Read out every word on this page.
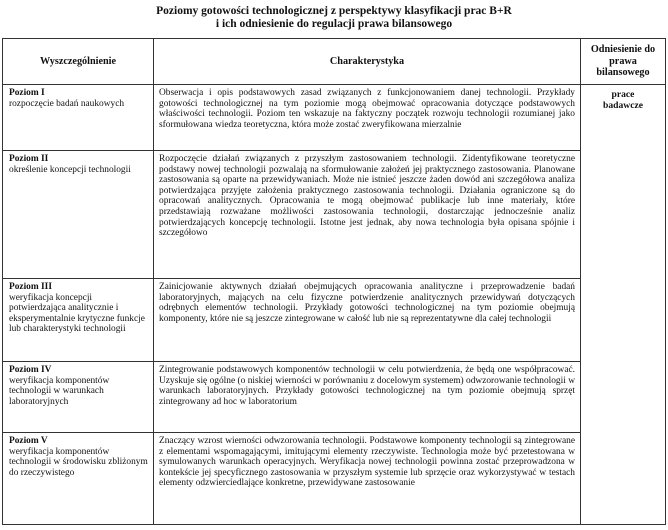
Poziomy gotowości technologicznej z perspektywy klasyfikacji prac B+R
i ich odniesienie do regulacji prawa bilansowego
Wyszczególnienie	Charakterystyka	Odniesienie do prawa bilansowego

Poziom I
rozpoczęcie badań naukowych	Obserwacja i opis podstawowych zasad związanych z funkcjonowaniem danej technologii. Przykłady gotowości technologicznej na tym poziomie mogą obejmować opracowania dotyczące podstawowych właściwości technologii. Poziom ten wskazuje na faktyczny początek rozwoju technologii rozumianej jako sformułowana wiedza teoretyczna, która może zostać zweryfikowana mierzalnie	prace badawcze

Poziom II
określenie koncepcji technologii	Rozpoczęcie działań związanych z przyszłym zastosowaniem technologii. Zidentyfikowane teoretyczne podstawy nowej technologii pozwalają na sformułowanie założeń jej praktycznego zastosowania. Planowane zastosowania są oparte na przewidywaniach. Może nie istnieć jeszcze żaden dowód ani szczegółowa analiza potwierdzająca przyjęte założenia praktycznego zastosowania technologii. Działania ograniczone są do opracowań analitycznych. Opracowania te mogą obejmować publikacje lub inne materiały, które przedstawiają rozważane możliwości zastosowania technologii, dostarczając jednocześnie analiz potwierdzających koncepcję technologii. Istotne jest jednak, aby nowa technologia była opisana spójnie i szczegółowo	

Poziom III
weryfikacja koncepcji potwierdzająca analitycznie i eksperymentalnie krytyczne funkcje lub charakterystyki technologii	Zainicjowanie aktywnych działań obejmujących opracowania analityczne i przeprowadzenie badań laboratoryjnych, mających na celu fizyczne potwierdzenie analitycznych przewidywań dotyczących odrębnych elementów technologii. Przykłady gotowości technologicznej na tym poziomie obejmują komponenty, które nie są jeszcze zintegrowane w całość lub nie są reprezentatywne dla całej technologii	

Poziom IV
weryfikacja komponentów technologii w warunkach laboratoryjnych	Zintegrowanie podstawowych komponentów technologii w celu potwierdzenia, że będą one współpracować. Uzyskuje się ogólne (o niskiej wierności w porównaniu z docelowym systemem) odwzorowanie technologii w warunkach laboratoryjnych. Przykłady gotowości technologicznej na tym poziomie obejmują sprzęt zintegrowany ad hoc w laboratorium	

Poziom V
weryfikacja komponentów technologii w środowisku zbliżonym do rzeczywistego	Znaczący wzrost wierności odwzorowania technologii. Podstawowe komponenty technologii są zintegrowane z elementami wspomagającymi, imitującymi elementy rzeczywiste. Technologia może być przetestowana w symulowanych warunkach operacyjnych. Weryfikacja nowej technologii powinna zostać przeprowadzona w kontekście jej specyficznego zastosowania w przyszłym systemie lub sprzęcie oraz wykorzystywać w testach elementy odzwierciedlające konkretne, przewidywane zastosowanie	
